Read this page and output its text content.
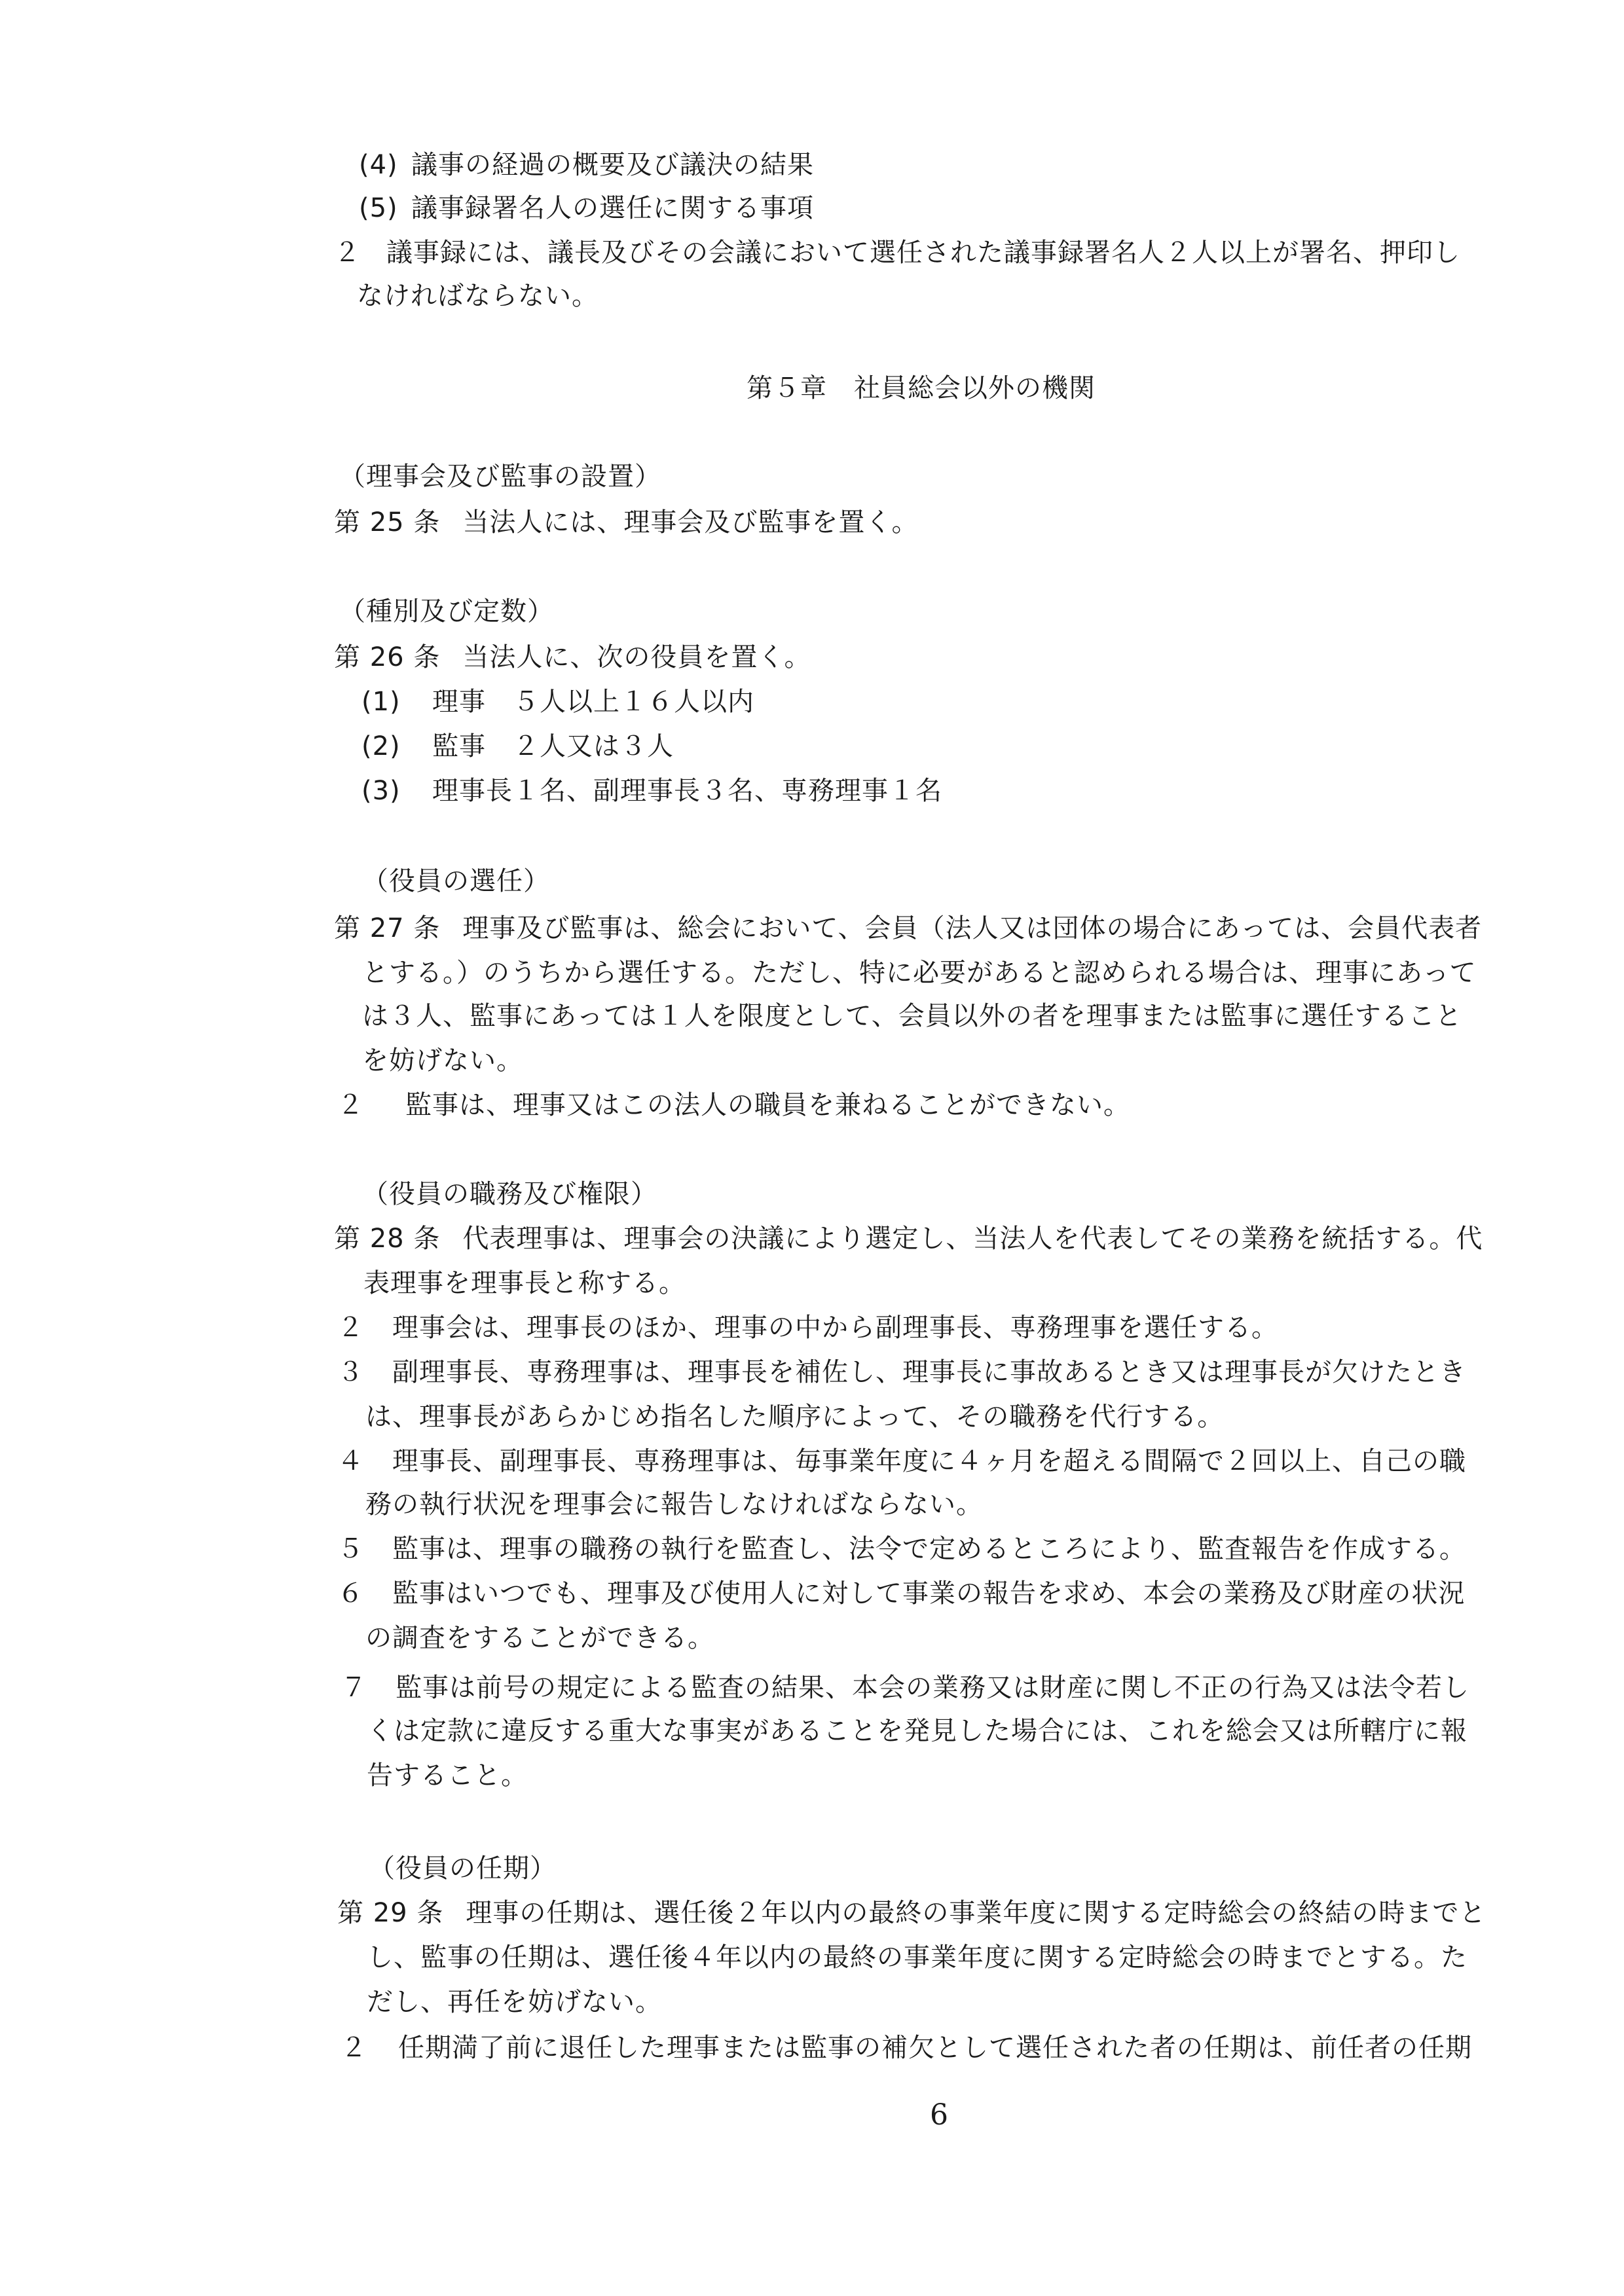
(4) 議事の経過の概要及び議決の結果
(5) 議事録署名人の選任に関する事項
２ 議事録には、議長及びその会議において選任された議事録署名人２人以上が署名、押印し
なければならない。
第５章　社員総会以外の機関
（理事会及び監事の設置）
第 25 条 当法人には、理事会及び監事を置く。
（種別及び定数）
第 26 条 当法人に、次の役員を置く。
(1) 理事　５人以上１６人以内
(2) 監事　２人又は３人
(3) 理事長１名、副理事長３名、専務理事１名
（役員の選任）
第 27 条 理事及び監事は、総会において、会員（法人又は団体の場合にあっては、会員代表者
とする。）のうちから選任する。ただし、特に必要があると認められる場合は、理事にあって
は３人、監事にあっては１人を限度として、会員以外の者を理事または監事に選任すること
を妨げない。
２ 監事は、理事又はこの法人の職員を兼ねることができない。
（役員の職務及び権限）
第 28 条 代表理事は、理事会の決議により選定し、当法人を代表してその業務を統括する。代
表理事を理事長と称する。
２ 理事会は、理事長のほか、理事の中から副理事長、専務理事を選任する。
３ 副理事長、専務理事は、理事長を補佐し、理事長に事故あるとき又は理事長が欠けたとき
は、理事長があらかじめ指名した順序によって、その職務を代行する。
４ 理事長、副理事長、専務理事は、毎事業年度に４ヶ月を超える間隔で２回以上、自己の職
務の執行状況を理事会に報告しなければならない。
５ 監事は、理事の職務の執行を監査し、法令で定めるところにより、監査報告を作成する。
６ 監事はいつでも、理事及び使用人に対して事業の報告を求め、本会の業務及び財産の状況
の調査をすることができる。
７ 監事は前号の規定による監査の結果、本会の業務又は財産に関し不正の行為又は法令若し
くは定款に違反する重大な事実があることを発見した場合には、これを総会又は所轄庁に報
告すること。
（役員の任期）
第 29 条 理事の任期は、選任後２年以内の最終の事業年度に関する定時総会の終結の時までと
し、監事の任期は、選任後４年以内の最終の事業年度に関する定時総会の時までとする。た
だし、再任を妨げない。
２ 任期満了前に退任した理事または監事の補欠として選任された者の任期は、前任者の任期
6
